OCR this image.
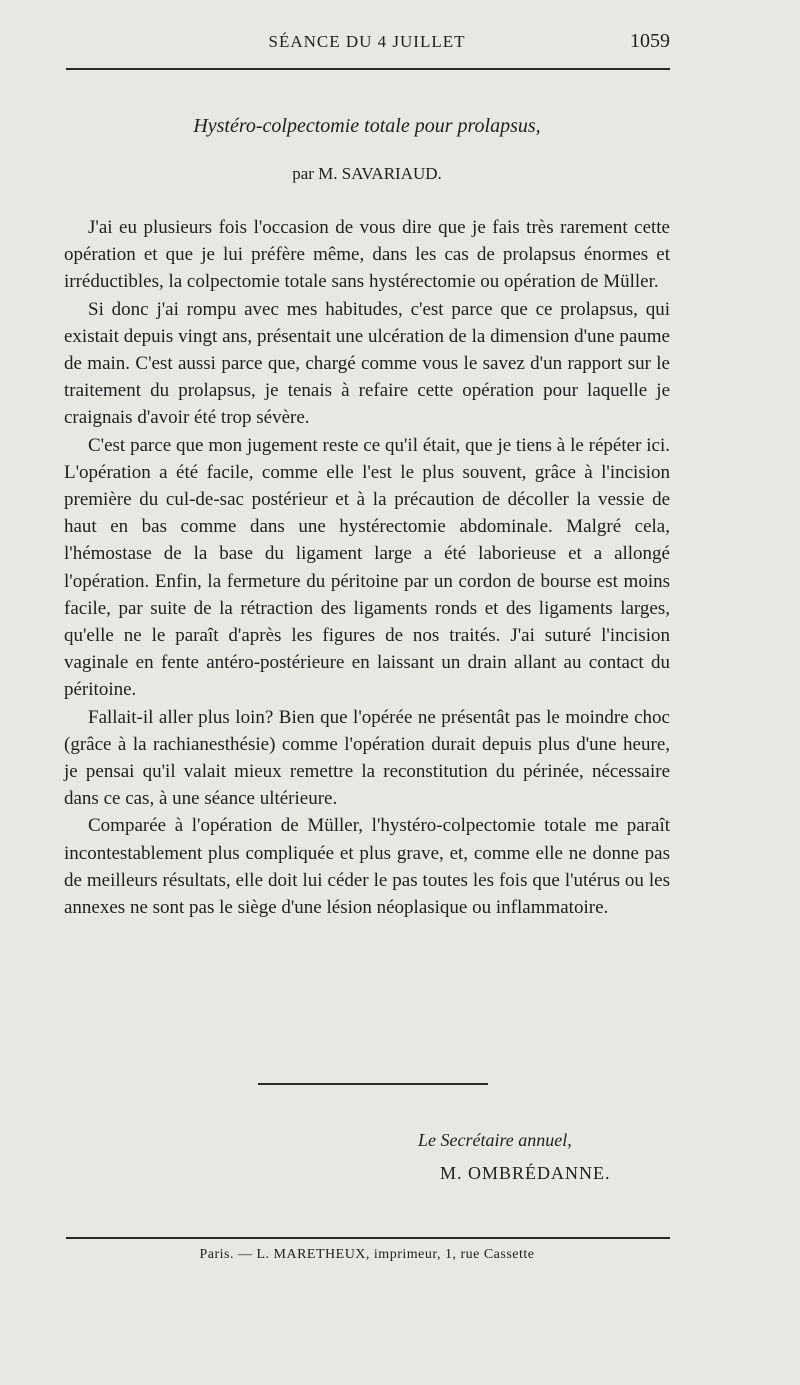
SÉANCE DU 4 JUILLET	1059
Hystéro-colpectomie totale pour prolapsus,
par M. SAVARIAUD.

J'ai eu plusieurs fois l'occasion de vous dire que je fais très rarement cette opération et que je lui préfère même, dans les cas de prolapsus énormes et irréductibles, la colpectomie totale sans hystérectomie ou opération de Müller.

Si donc j'ai rompu avec mes habitudes, c'est parce que ce prolapsus, qui existait depuis vingt ans, présentait une ulcération de la dimension d'une paume de main. C'est aussi parce que, chargé comme vous le savez d'un rapport sur le traitement du prolapsus, je tenais à refaire cette opération pour laquelle je craignais d'avoir été trop sévère.

C'est parce que mon jugement reste ce qu'il était, que je tiens à le répéter ici. L'opération a été facile, comme elle l'est le plus souvent, grâce à l'incision première du cul-de-sac postérieur et à la précaution de décoller la vessie de haut en bas comme dans une hystérectomie abdominale. Malgré cela, l'hémostase de la base du ligament large a été laborieuse et a allongé l'opération. Enfin, la fermeture du péritoine par un cordon de bourse est moins facile, par suite de la rétraction des ligaments ronds et des ligaments larges, qu'elle ne le paraît d'après les figures de nos traités. J'ai suturé l'incision vaginale en fente antéro-postérieure en laissant un drain allant au contact du péritoine.

Fallait-il aller plus loin? Bien que l'opérée ne présentât pas le moindre choc (grâce à la rachianesthésie) comme l'opération durait depuis plus d'une heure, je pensai qu'il valait mieux remettre la reconstitution du périnée, nécessaire dans ce cas, à une séance ultérieure.

Comparée à l'opération de Müller, l'hystéro-colpectomie totale me paraît incontestablement plus compliquée et plus grave, et, comme elle ne donne pas de meilleurs résultats, elle doit lui céder le pas toutes les fois que l'utérus ou les annexes ne sont pas le siège d'une lésion néoplasique ou inflammatoire.

Le Secrétaire annuel,
M. OMBRÉDANNE.
Paris. — L. MARETHEUX, imprimeur, 1, rue Cassette
